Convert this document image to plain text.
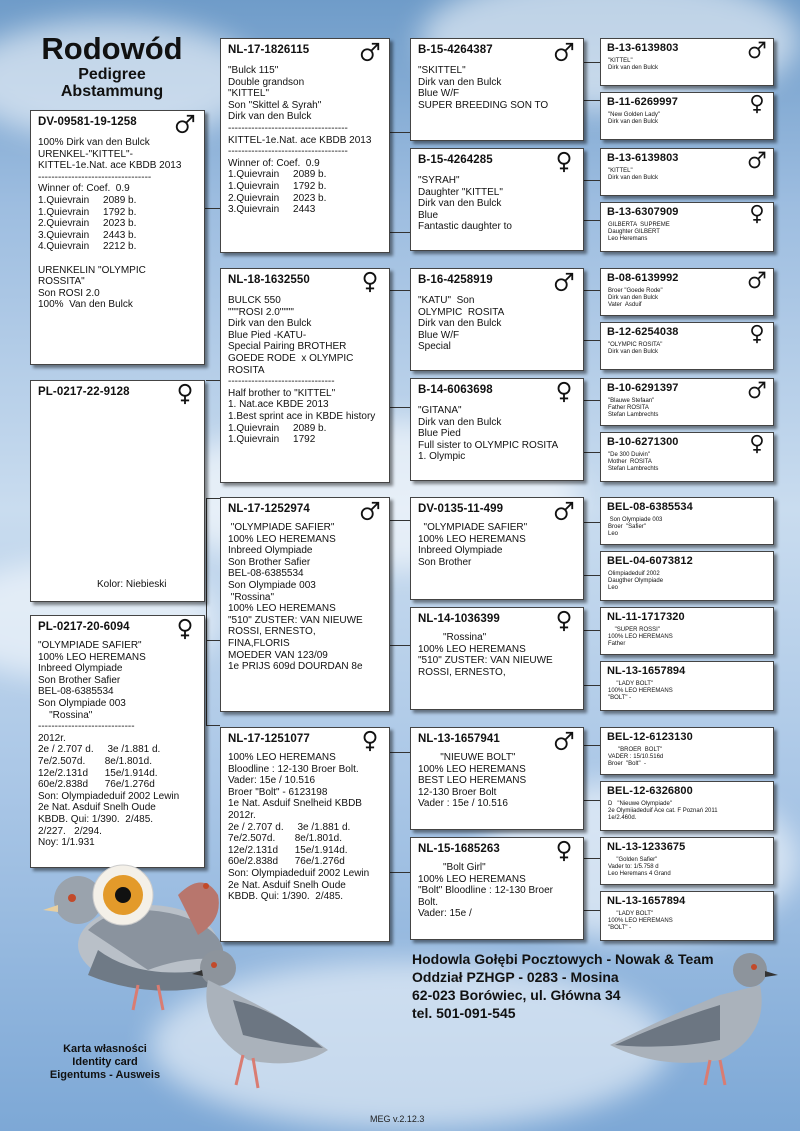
Rodowód
Pedigree
Abstammung
DV-09581-19-1258
100% Dirk van den Bulck
URENKEL-"KITTEL"-
KITTEL-1e.Nat. ace KBDB 2013
----------------------------------
Winner of: Coef.  0.9
1.Quievrain     2089 b.
1.Quievrain     1792 b.
2.Quievrain     2023 b.
3.Quievrain     2443 b.
4.Quievrain     2212 b.

URENKELIN "OLYMPIC
ROSSITA"
Son ROSI 2.0
100%  Van den Bulck
PL-0217-22-9128
Kolor: Niebieski
PL-0217-20-6094
"OLYMPIADE SAFIER"
100% LEO HEREMANS
Inbreed Olympiade
Son Brother Safier
BEL-08-6385534
Son Olympiade 003
"Rossina"
-----------------------------
2012r.
2e / 2.707 d.     3e /1.881 d.
7e/2.507d.       8e/1.801d.
12e/2.131d      15e/1.914d.
60e/2.838d      76e/1.276d
Son: Olympiadeduif 2002 Lewin
2e Nat. Asduif Snelh Oude
KBDB. Qui: 1/390.  2/485.
2/227.   2/294.
Noy: 1/1.931
NL-17-1826115
"Bulck 115"
Double grandson
"KITTEL"
Son "Skittel & Syrah"
Dirk van den Bulck
------------------------------------
KITTEL-1e.Nat. ace KBDB 2013
------------------------------------
Winner of: Coef.  0.9
1.Quievrain     2089 b.
1.Quievrain     1792 b.
2.Quievrain     2023 b.
3.Quievrain     2443
NL-18-1632550
BULCK 550
"""ROSI 2.0""""
Dirk van den Bulck
Blue Pied -KATU-
Special Pairing BROTHER
GOEDE RODE  x OLYMPIC
ROSITA
--------------------------------
Half brother to "KITTEL"
1. Nat.ace KBDE 2013
1.Best sprint ace in KBDE history
1.Quievrain     2089 b.
1.Quievrain     1792
NL-17-1252974
"OLYMPIADE SAFIER"
100% LEO HEREMANS
Inbreed Olympiade
Son Brother Safier
BEL-08-6385534
Son Olympiade 003
"Rossina"
100% LEO HEREMANS
"510" ZUSTER: VAN NIEUWE
ROSSI, ERNESTO,
FINA,FLORIS
MOEDER VAN 123/09
1e PRIJS 609d DOURDAN 8e
NL-17-1251077
100% LEO HEREMANS
Bloodline : 12-130 Broer Bolt.
Vader: 15e / 10.516
Broer "Bolt" - 6123198
1e Nat. Asduif Snelheid KBDB
2012r.
2e / 2.707 d.     3e /1.881 d.
7e/2.507d.       8e/1.801d.
12e/2.131d      15e/1.914d.
60e/2.838d      76e/1.276d
Son: Olympiadeduif 2002 Lewin
2e Nat. Asduif Snelh Oude
KBDB. Qui: 1/390.  2/485.
B-15-4264387
"SKITTEL"
Dirk van den Bulck
Blue W/F
SUPER BREEDING SON TO
B-15-4264285
"SYRAH"
Daughter "KITTEL"
Dirk van den Bulck
Blue
Fantastic daughter to
B-16-4258919
"KATU"  Son
OLYMPIC  ROSITA
Dirk van den Bulck
Blue W/F
Special
B-14-6063698
"GITANA"
Dirk van den Bulck
Blue Pied
Full sister to OLYMPIC ROSITA
1. Olympic
DV-0135-11-499
"OLYMPIADE SAFIER"
100% LEO HEREMANS
Inbreed Olympiade
Son Brother
NL-14-1036399
"Rossina"
100% LEO HEREMANS
"510" ZUSTER: VAN NIEUWE
ROSSI, ERNESTO,
NL-13-1657941
"NIEUWE BOLT"
100% LEO HEREMANS
BEST LEO HEREMANS
12-130 Broer Bolt
Vader : 15e / 10.516
NL-15-1685263
"Bolt Girl"
100% LEO HEREMANS
"Bolt" Bloodline : 12-130 Broer
Bolt.
Vader: 15e /
B-13-6139803
"KITTEL"
Dirk van den Bulck
B-11-6269997
"New Golden Lady"
Dirk van den Bulck
B-13-6139803
"KITTEL"
Dirk van den Bulck
B-13-6307909
GILBERTA  SUPREME
Daughter GILBERT
Leo Heremans
B-08-6139992
Broer "Goede Rode"
Dirk van den Bulck
Vater  Asduif
B-12-6254038
"OLYMPIC ROSITA"
Dirk van den Bulck
B-10-6291397
"Blauwe Stefaan"
Father ROSITA
Stefan Lambrechts
B-10-6271300
"De 300 Duivin"
Mother  ROSITA
Stefan Lambrechts
BEL-08-6385534
Son Olympiade 003
Broer  "Safier"
Leo
BEL-04-6073812
Olimpiadeduif 2002
Daugther Olympiade
Leo
NL-11-1717320
"SUPER ROSSI"
100% LEO HEREMANS
Father
NL-13-1657894
"LADY BOLT"
100% LEO HEREMANS
"BOLT" -
BEL-12-6123130
"BROER  BOLT"
VADER : 15/10.516d
Broer  "Bolt"  -
BEL-12-6326800
D   "Nieuwe Olympiade"
2e Olymiiadeduif Ace cat. F Poznań 2011
1e/2.460d.
NL-13-1233675
"Golden Safier"
Vader to: 1/5.758 d
Leo Heremans 4 Grand
NL-13-1657894
"LADY BOLT"
100% LEO HEREMANS
"BOLT" -
Karta własności
Identity card
Eigentums - Ausweis
Hodowla Gołębi Pocztowych - Nowak & Team
Oddział PZHGP - 0283 - Mosina
62-023 Borówiec, ul. Główna 34
tel. 501-091-545
MEG v.2.12.3
